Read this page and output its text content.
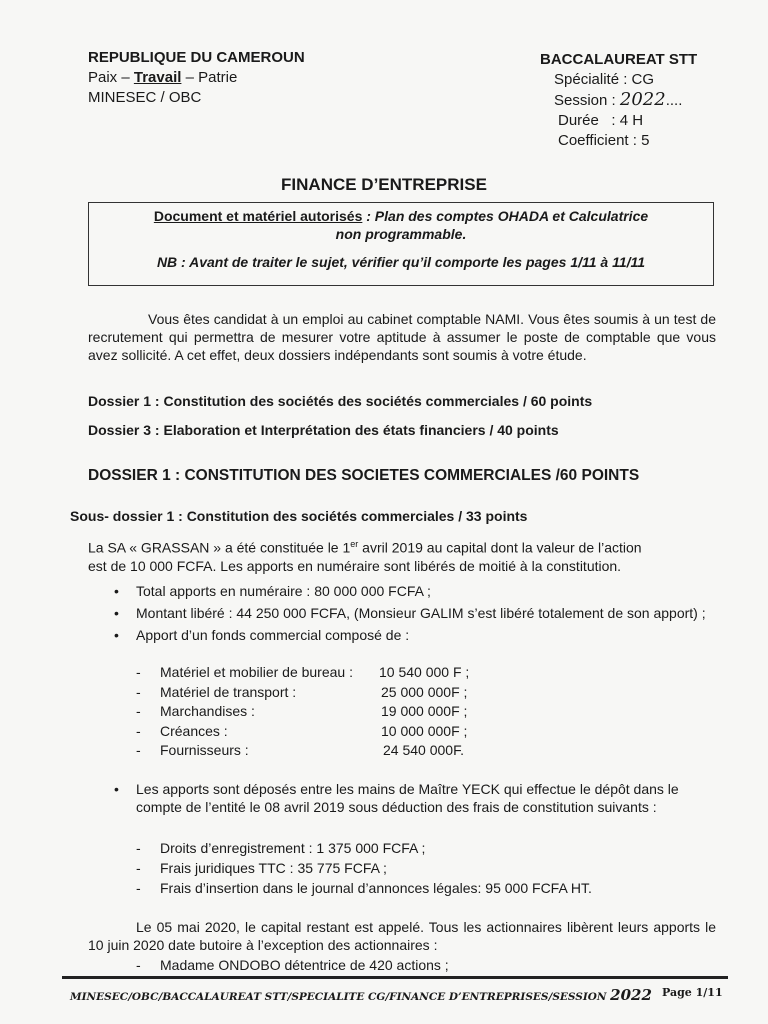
REPUBLIQUE DU CAMEROUN
Paix – Travail – Patrie
MINESEC / OBC
BACCALAUREAT STT
Spécialité : CG
Session : 2022....
Durée : 4 H
Coefficient : 5
FINANCE D’ENTREPRISE
Document et matériel autorisés : Plan des comptes OHADA et Calculatrice
non programmable.
NB : Avant de traiter le sujet, vérifier qu’il comporte les pages 1/11 à 11/11
Vous êtes candidat à un emploi au cabinet comptable NAMI. Vous êtes soumis à un test de recrutement qui permettra de mesurer votre aptitude à assumer le poste de comptable que vous avez sollicité. A cet effet, deux dossiers indépendants sont soumis à votre étude.
Dossier 1 : Constitution des sociétés des sociétés commerciales / 60 points
Dossier 3 : Elaboration et Interprétation des états financiers / 40 points
DOSSIER 1 : CONSTITUTION DES SOCIETES COMMERCIALES /60 POINTS
Sous- dossier 1 : Constitution des sociétés commerciales / 33 points
La SA « GRASSAN » a été constituée le 1er avril 2019 au capital dont la valeur de l’action
est de 10 000 FCFA. Les apports en numéraire sont libérés de moitié à la constitution.
• Total apports en numéraire : 80 000 000 FCFA ;
• Montant libéré : 44 250 000 FCFA, (Monsieur GALIM s’est libéré totalement de son apport) ;
• Apport d’un fonds commercial composé de :
- Matériel et mobilier de bureau : 10 540 000 F ;
- Matériel de transport :	25 000 000F ;
- Marchandises :	19 000 000F ;
- Créances :	10 000 000F ;
- Fournisseurs :	24 540 000F.
• Les apports sont déposés entre les mains de Maître YECK qui effectue le dépôt dans le compte de l’entité le 08 avril 2019 sous déduction des frais de constitution suivants :
- Droits d’enregistrement : 1 375 000 FCFA ;
- Frais juridiques TTC : 35 775 FCFA ;
- Frais d’insertion dans le journal d’annonces légales: 95 000 FCFA HT.
Le 05 mai 2020, le capital restant est appelé. Tous les actionnaires libèrent leurs apports le 10 juin 2020 date butoire à l’exception des actionnaires :
- Madame ONDOBO détentrice de 420 actions ;
MINESEC/OBC/BACCALAUREAT STT/SPECIALITE CG/FINANCE D’ENTREPRISES/SESSION 2022 Page 1/11
